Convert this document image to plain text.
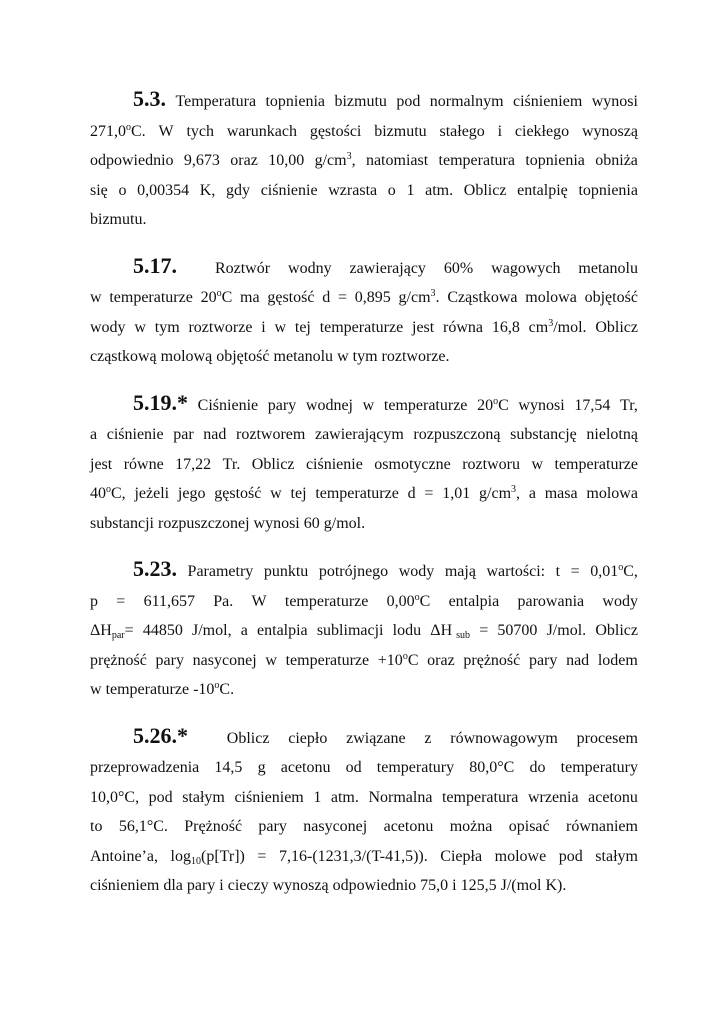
5.3. Temperatura topnienia bizmutu pod normalnym ciśnieniem wynosi
271,0$^o$C. W tych warunkach gęstości bizmutu stałego i ciekłego wynoszą
odpowiednio 9,673 oraz 10,00 $g/cm^3$, natomiast temperatura topnienia obniża
się o 0,00354 K, gdy ciśnienie wzrasta o 1 atm. Oblicz entalpię topnienia
bizmutu.
5.17. Roztwór wodny zawierający 60% wagowych metanolu
w temperaturze 20$^o$C ma gęstość d = 0,895 $g/cm^3$. Cząstkowa molowa objętość
wody w tym roztworze i w tej temperaturze jest równa 16,8 $cm^3$/mol. Oblicz
cząstkową molową objętość metanolu w tym roztworze.
5.19.* Ciśnienie pary wodnej w temperaturze 20$^o$C wynosi 17,54 Tr,
a ciśnienie par nad roztworem zawierającym rozpuszczoną substancję nielotną
jest równe 17,22 Tr. Oblicz ciśnienie osmotyczne roztworu w temperaturze
40$^o$C, jeżeli jego gęstość w tej temperaturze d = 1,01 $g/cm^3$, a masa molowa
substancji rozpuszczonej wynosi 60 g/mol.
5.23. Parametry punktu potrójnego wody mają wartości: $t = 0,01^oC$,
p = 611,657 Pa. W temperaturze 0,00$^o$C entalpia parowania wody
$\Delta H_{par}= 44850$ J/mol, a entalpia sublimacji lodu ΔH $_{sub}$ = 50700 J/mol. Oblicz
prężność pary nasyconej w temperaturze $+10^oC$ oraz prężność pary nad lodem
w temperaturze -10$^o$C.
5.26.* Oblicz ciepło związane z równowagowym procesem
przeprowadzenia 14,5 g acetonu od temperatury 80,0°C do temperatury
10,0°C, pod stałym ciśnieniem 1 atm. Normalna temperatura wrzenia acetonu
to 56,1°C. Prężność pary nasyconej acetonu można opisać równaniem
Antoine’a, $\log_{10}(p[Tr]) = 7,16-(1231,3/(T-41,5))$. Ciepła molowe pod stałym
ciśnieniem dla pary i cieczy wynoszą odpowiednio 75,0 i 125,5 J/(mol K).
